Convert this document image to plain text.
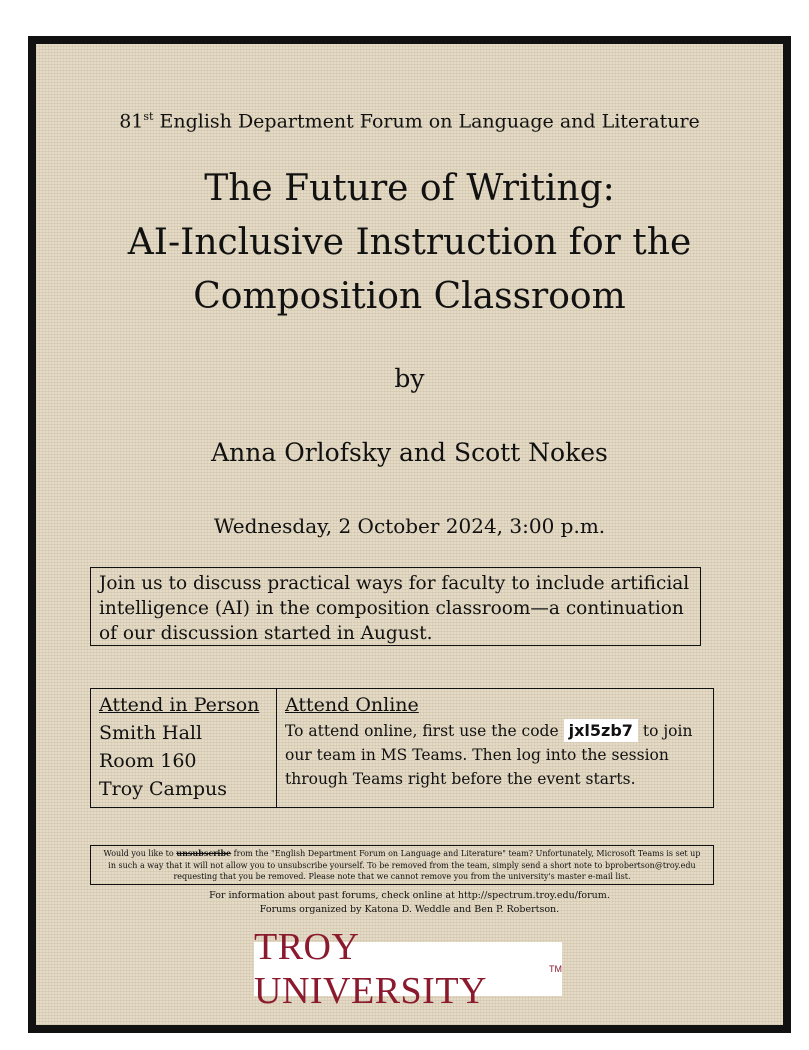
81st English Department Forum on Language and Literature
The Future of Writing:
AI-Inclusive Instruction for the
Composition Classroom
by
Anna Orlofsky and Scott Nokes
Wednesday, 2 October 2024, 3:00 p.m.
Join us to discuss practical ways for faculty to include artificial intelligence (AI) in the composition classroom—a continuation of our discussion started in August.
Attend in Person
Smith Hall
Room 160
Troy Campus
Attend Online
To attend online, first use the code jxl5zb7 to join our team in MS Teams. Then log into the session through Teams right before the event starts.
Would you like to unsubscribe from the "English Department Forum on Language and Literature" team? Unfortunately, Microsoft Teams is set up in such a way that it will not allow you to unsubscribe yourself. To be removed from the team, simply send a short note to bprobertson@troy.edu requesting that you be removed. Please note that we cannot remove you from the university's master e-mail list.
For information about past forums, check online at http://spectrum.troy.edu/forum.
Forums organized by Katona D. Weddle and Ben P. Robertson.
TROY UNIVERSITY
TM
